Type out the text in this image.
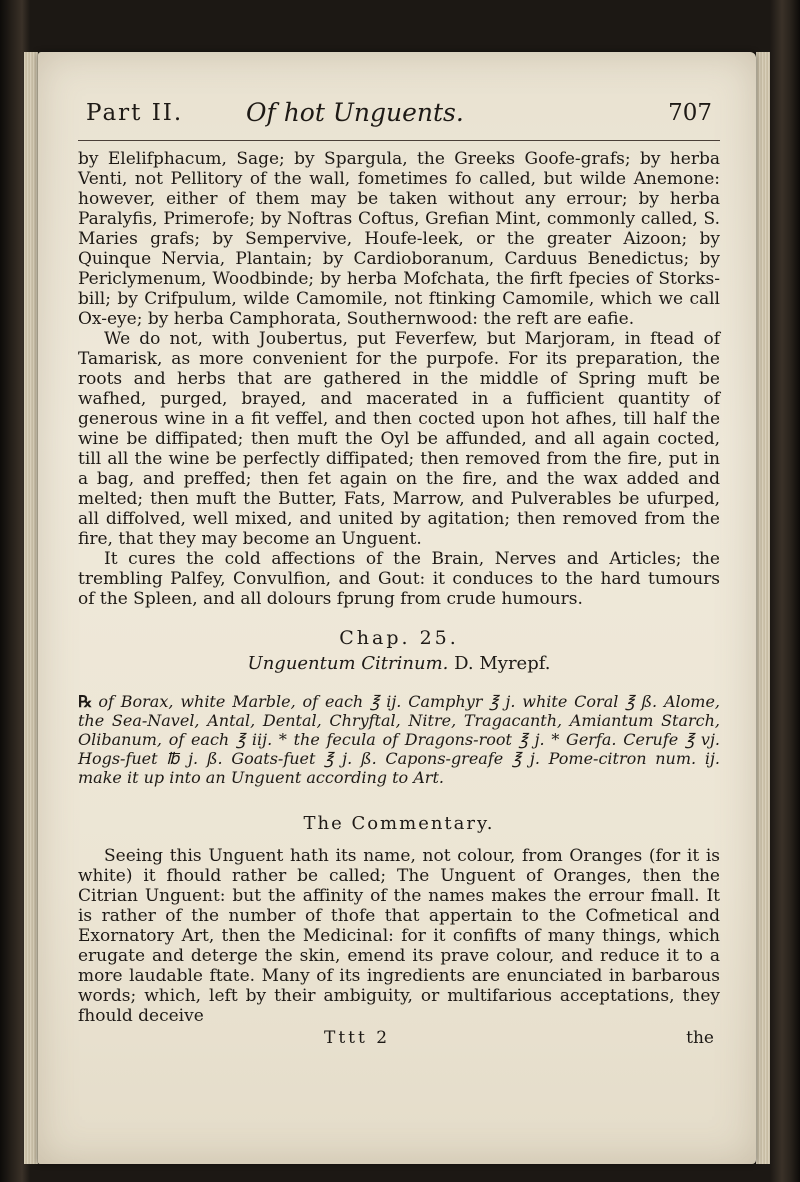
Part II.	Of hot Unguents.	707

by Elelifphacum, Sage; by Spargula, the Greeks Goofe-grafs; by herba Venti, not Pellitory of the wall, fometimes fo called, but wilde Anemone: however, either of them may be taken without any errour; by herba Paralyfis, Primerofe; by Noftras Coftus, Grefian Mint, commonly called, S. Maries grafs; by Sempervive, Houfe-leek, or the greater Aizoon; by Quinque Nervia, Plantain; by Cardioboranum, Carduus Benedictus; by Periclymenum, Woodbinde; by herba Mofchata, the firft fpecies of Storks-bill; by Crifpulum, wilde Camomile, not ftinking Camomile, which we call Ox-eye; by herba Camphorata, Southernwood: the reft are eafie.

We do not, with Joubertus, put Feverfew, but Marjoram, in ftead of Tamarisk, as more convenient for the purpofe. For its preparation, the roots and herbs that are gathered in the middle of Spring muft be wafhed, purged, brayed, and macerated in a fufficient quantity of generous wine in a fit veffel, and then cocted upon hot afhes, till half the wine be diffipated; then muft the Oyl be affunded, and all again cocted, till all the wine be perfectly diffipated; then removed from the fire, put in a bag, and preffed; then fet again on the fire, and the wax added and melted; then muft the Butter, Fats, Marrow, and Pulverables be ufurped, all diffolved, well mixed, and united by agitation; then removed from the fire, that they may become an Unguent.

It cures the cold affections of the Brain, Nerves and Articles; the trembling Palfey, Convulfion, and Gout: it conduces to the hard tumours of the Spleen, and all dolours fprung from crude humours.

Chap. 25.
Unguentum Citrinum. D. Myrepf.
℞ of Borax, white Marble, of each ℥ ij. Camphyr ℥ j. white Coral ℥ ß. Alome, the Sea-Navel, Antal, Dental, Chryftal, Nitre, Tragacanth, Amiantum Starch, Olibanum, of each ℥ iij. * the fecula of Dragons-root ℥ j. * Gerfa. Cerufe ℥ vj. Hogs-fuet ℔ j. ß. Goats-fuet ℥ j. ß. Capons-greafe ℥ j. Pome-citron num. ij. make it up into an Unguent according to Art.
The Commentary.
Seeing this Unguent hath its name, not colour, from Oranges (for it is white) it fhould rather be called; The Unguent of Oranges, then the Citrian Unguent: but the affinity of the names makes the errour fmall. It is rather of the number of thofe that appertain to the Cofmetical and Exornatory Art, then the Medicinal: for it confifts of many things, which erugate and deterge the skin, emend its prave colour, and reduce it to a more laudable ftate. Many of its ingredients are enunciated in barbarous words; which, left by their ambiguity, or multifarious acceptations, they fhould deceive
Tttt 2	the
